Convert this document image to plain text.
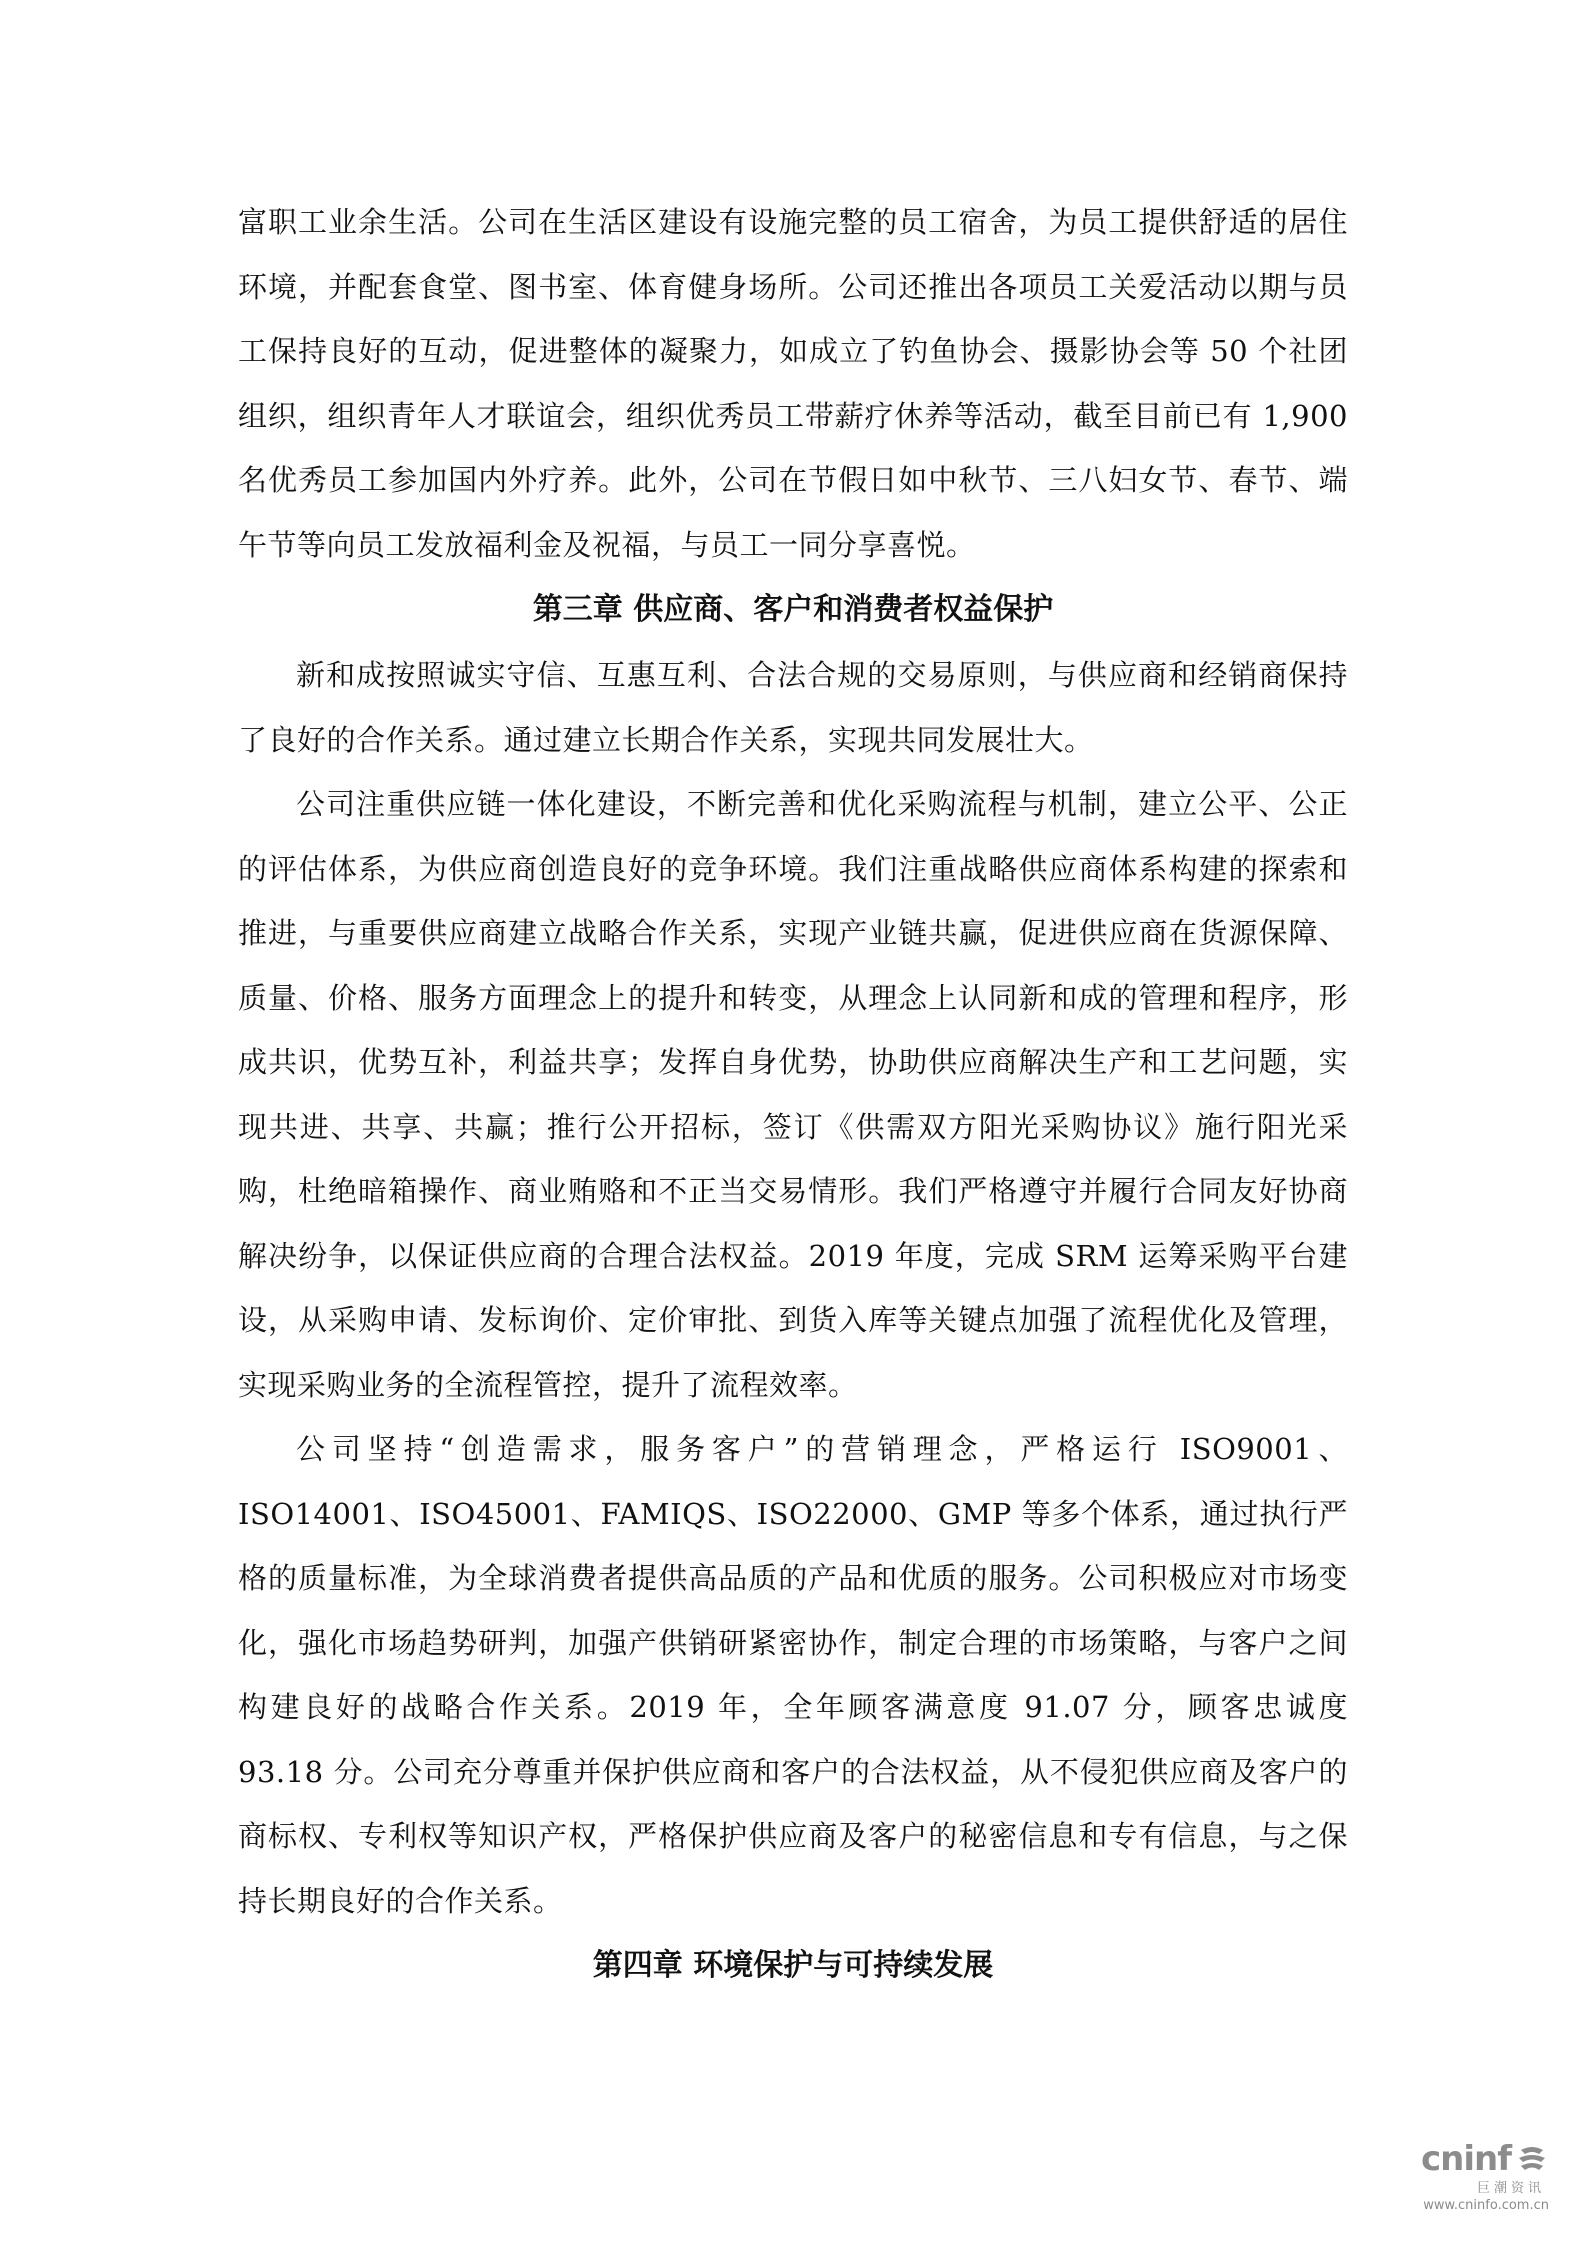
富职工业余生活。公司在生活区建设有设施完整的员工宿舍，为员工提供舒适的居住环境，并配套食堂、图书室、体育健身场所。公司还推出各项员工关爱活动以期与员工保持良好的互动，促进整体的凝聚力，如成立了钓鱼协会、摄影协会等 50 个社团组织，组织青年人才联谊会，组织优秀员工带薪疗休养等活动，截至目前已有 1,900 名优秀员工参加国内外疗养。此外，公司在节假日如中秋节、三八妇女节、春节、端午节等向员工发放福利金及祝福，与员工一同分享喜悦。

第三章 供应商、客户和消费者权益保护

新和成按照诚实守信、互惠互利、合法合规的交易原则，与供应商和经销商保持了良好的合作关系。通过建立长期合作关系，实现共同发展壮大。

公司注重供应链一体化建设，不断完善和优化采购流程与机制，建立公平、公正的评估体系，为供应商创造良好的竞争环境。我们注重战略供应商体系构建的探索和推进，与重要供应商建立战略合作关系，实现产业链共赢，促进供应商在货源保障、质量、价格、服务方面理念上的提升和转变，从理念上认同新和成的管理和程序，形成共识，优势互补，利益共享；发挥自身优势，协助供应商解决生产和工艺问题，实现共进、共享、共赢；推行公开招标，签订《供需双方阳光采购协议》施行阳光采购，杜绝暗箱操作、商业贿赂和不正当交易情形。我们严格遵守并履行合同友好协商解决纷争，以保证供应商的合理合法权益。2019 年度，完成 SRM 运筹采购平台建设，从采购申请、发标询价、定价审批、到货入库等关键点加强了流程优化及管理，实现采购业务的全流程管控，提升了流程效率。

公司坚持“创造需求，服务客户”的营销理念，严格运行 ISO9001、ISO14001、ISO45001、FAMIQS、ISO22000、GMP 等多个体系，通过执行严格的质量标准，为全球消费者提供高品质的产品和优质的服务。公司积极应对市场变化，强化市场趋势研判，加强产供销研紧密协作，制定合理的市场策略，与客户之间构建良好的战略合作关系。2019 年，全年顾客满意度 91.07 分，顾客忠诚度 93.18 分。公司充分尊重并保护供应商和客户的合法权益，从不侵犯供应商及客户的商标权、专利权等知识产权，严格保护供应商及客户的秘密信息和专有信息，与之保持长期良好的合作关系。

第四章 环境保护与可持续发展
cninf
巨潮资讯
www.cninfo.com.cn
